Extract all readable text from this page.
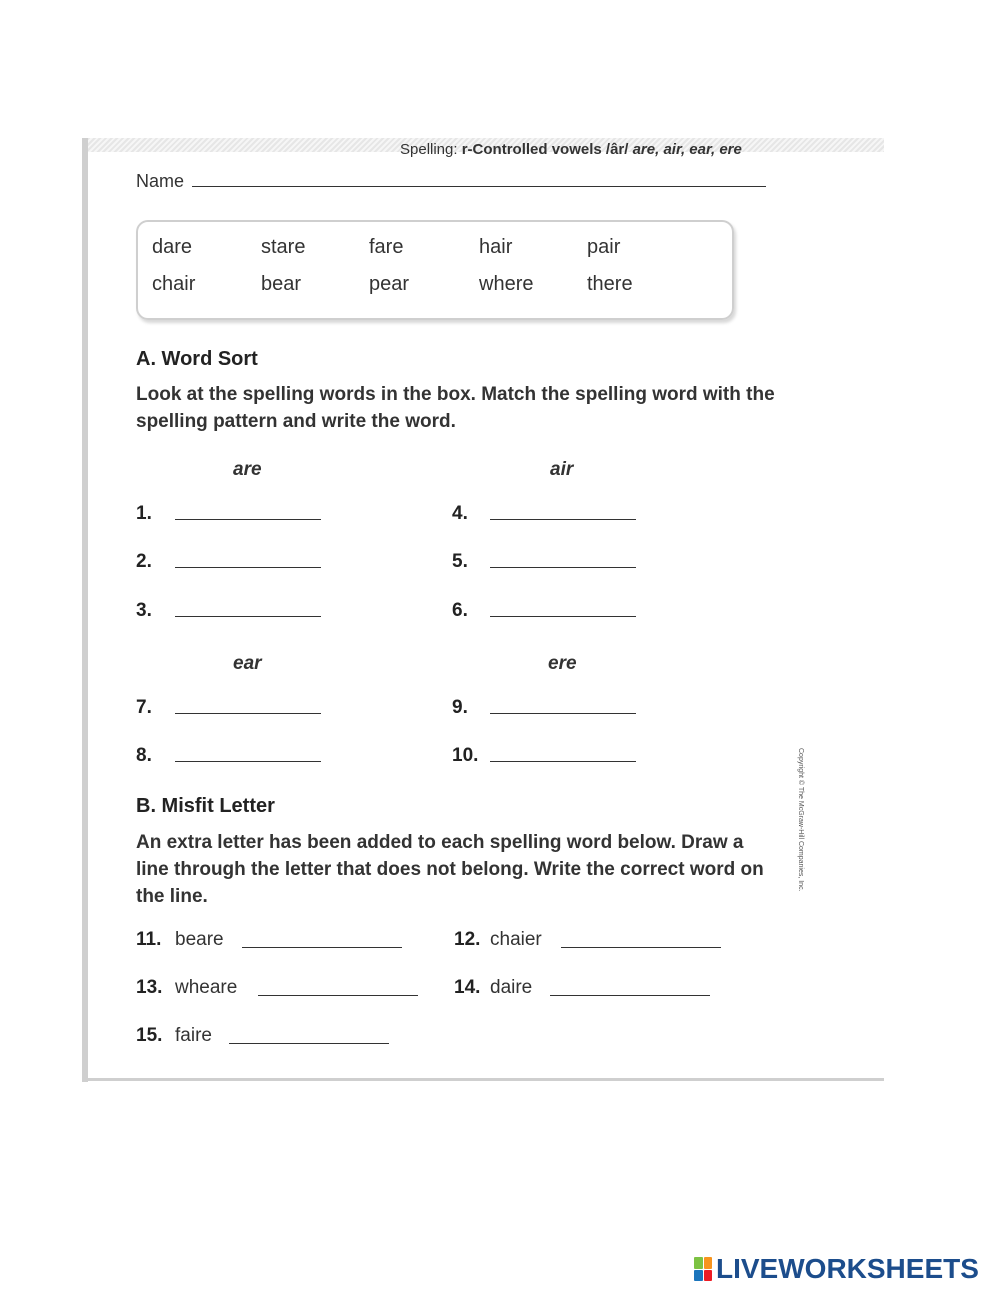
Spelling: r-Controlled vowels /âr/ are, air, ear, ere
Name
dare	stare	fare	hair	pair
chair	bear	pear	where	there
A. Word Sort
Look at the spelling words in the box. Match the spelling word with the spelling pattern and write the word.
are	air
1.	4.
2.	5.
3.	6.
ear	ere
7.	9.
8.	10.
B. Misfit Letter
An extra letter has been added to each spelling word below. Draw a line through the letter that does not belong. Write the correct word on the line.
11. beare	12. chaier
13. wheare	14. daire
15. faire
Copyright © The McGraw-Hill Companies, Inc.
LIVEWORKSHEETS
